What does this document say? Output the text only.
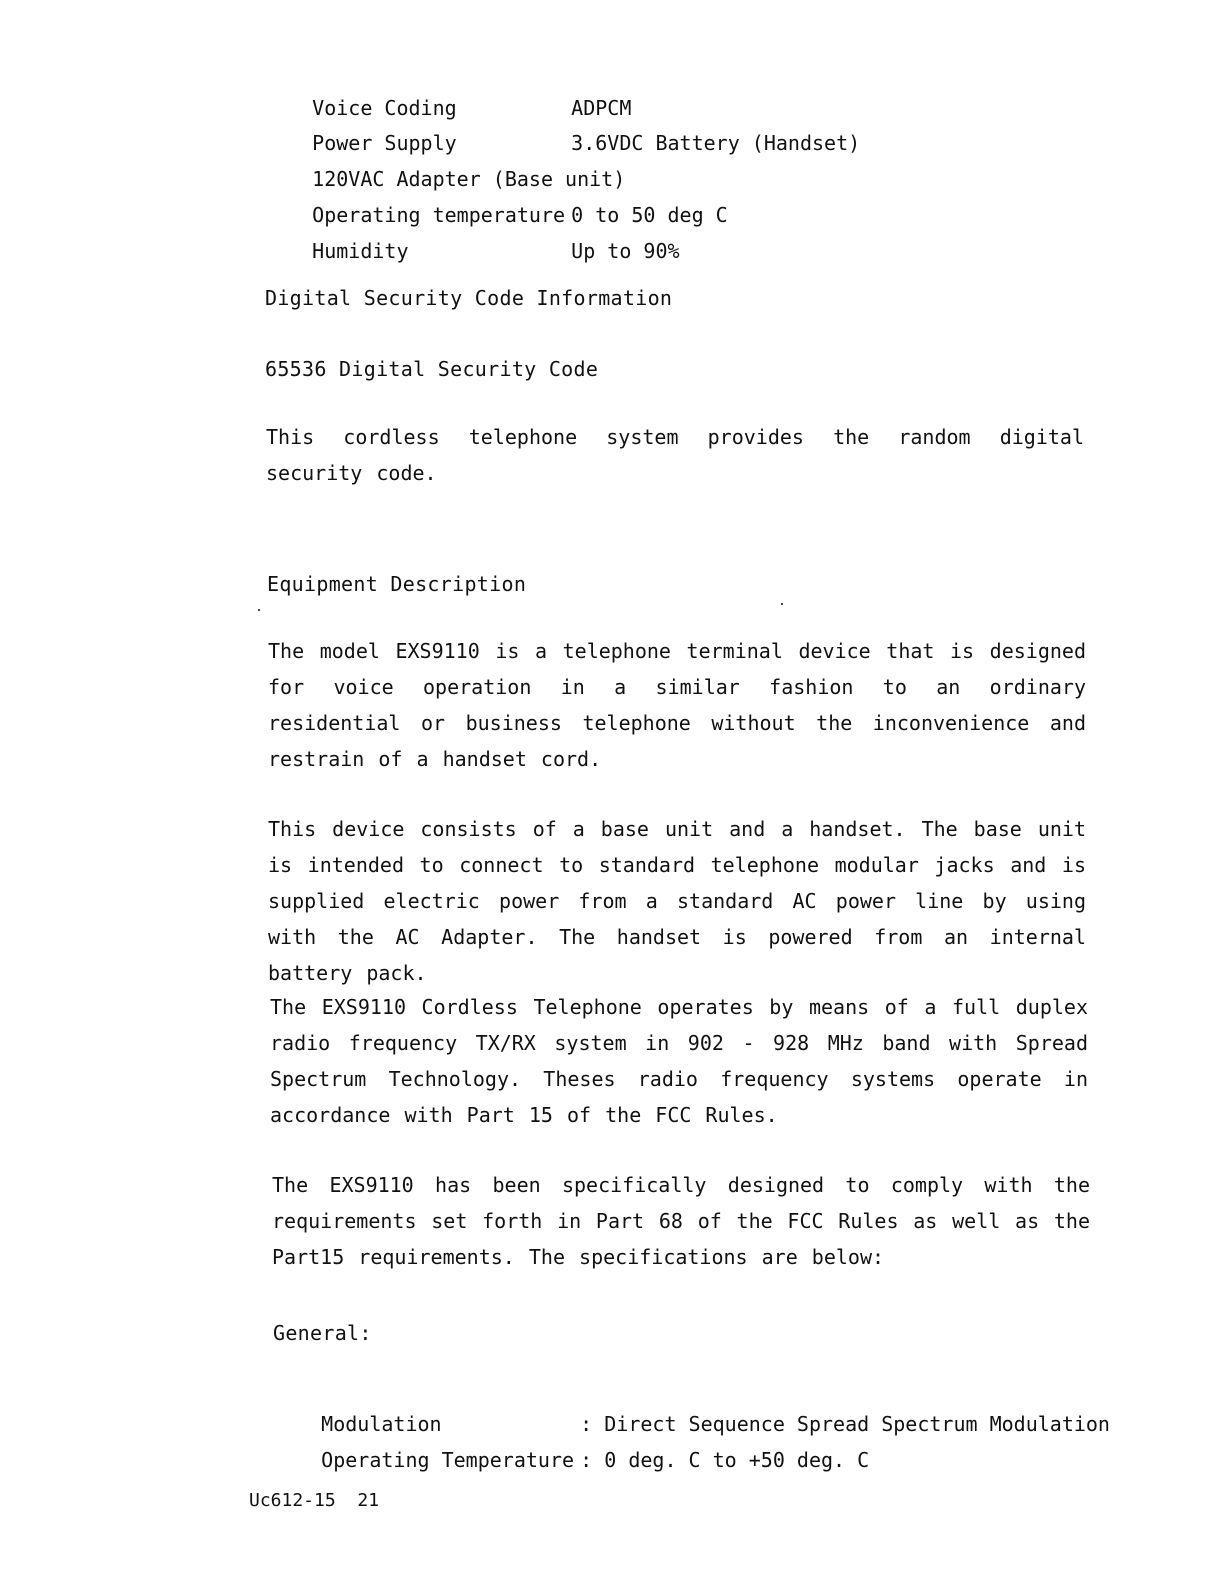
Voice Coding	ADPCM

Power Supply	3.6VDC Battery (Handset)

120VAC Adapter (Base unit)

Operating temperature 0 to 50 deg C

Humidity	Up to 90%

Digital Security Code Information
65536 Digital Security Code
This cordless telephone system provides the random digital security code.
Equipment Description
The model EXS9110 is a telephone terminal device that is designed for voice operation in a similar fashion to an ordinary residential or business telephone without the inconvenience and restrain of a handset cord.
This device consists of a base unit and a handset. The base unit is intended to connect to standard telephone modular jacks and is supplied electric power from a standard AC power line by using with the AC Adapter. The handset is powered from an internal battery pack.
The EXS9110 Cordless Telephone operates by means of a full duplex radio frequency TX/RX system in 902 - 928 MHz band with Spread Spectrum Technology. Theses radio frequency systems operate in accordance with Part 15 of the FCC Rules.
The EXS9110 has been specifically designed to comply with the requirements set forth in Part 68 of the FCC Rules as well as the Part15 requirements. The specifications are below:
General:

Modulation	: Direct Sequence Spread Spectrum Modulation

Operating Temperature : 0 deg. C to +50 deg. C

Uc612-15  21
